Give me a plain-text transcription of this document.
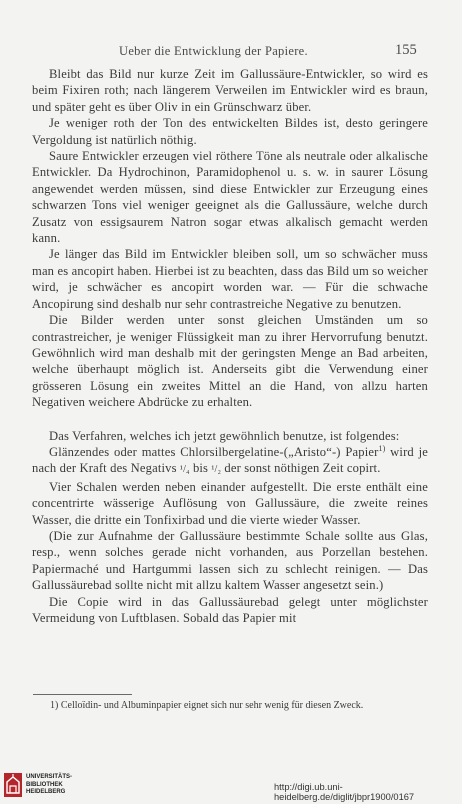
Ueber die Entwicklung der Papiere.	155

Bleibt das Bild nur kurze Zeit im Gallussäure-Entwickler, so wird es beim Fixiren roth; nach längerem Verweilen im Entwickler wird es braun, und später geht es über Oliv in ein Grünschwarz über.

Je weniger roth der Ton des entwickelten Bildes ist, desto geringere Vergoldung ist natürlich nöthig.

Saure Entwickler erzeugen viel röthere Töne als neutrale oder alkalische Entwickler. Da Hydrochinon, Paramidophenol u. s. w. in saurer Lösung angewendet werden müssen, sind diese Entwickler zur Erzeugung eines schwarzen Tons viel weniger geeignet als die Gallussäure, welche durch Zusatz von essigsaurem Natron sogar etwas alkalisch gemacht werden kann.

Je länger das Bild im Entwickler bleiben soll, um so schwächer muss man es ancopirt haben. Hierbei ist zu beachten, dass das Bild um so weicher wird, je schwächer es ancopirt worden war. — Für die schwache Ancopirung sind deshalb nur sehr contrastreiche Negative zu benutzen.

Die Bilder werden unter sonst gleichen Umständen um so contrastreicher, je weniger Flüssigkeit man zu ihrer Hervorrufung benutzt. Gewöhnlich wird man deshalb mit der geringsten Menge an Bad arbeiten, welche überhaupt möglich ist. Anderseits gibt die Verwendung einer grösseren Lösung ein zweites Mittel an die Hand, von allzu harten Negativen weichere Abdrücke zu erhalten.

Das Verfahren, welches ich jetzt gewöhnlich benutze, ist folgendes:

Glänzendes oder mattes Chlorsilbergelatine-(„Aristo“-) Papier$^{1)}$ wird je nach der Kraft des Negativs ¹/₄ bis ¹/₂ der sonst nöthigen Zeit copirt.

Vier Schalen werden neben einander aufgestellt. Die erste enthält eine concentrirte wässerige Auflösung von Gallussäure, die zweite reines Wasser, die dritte ein Tonfixirbad und die vierte wieder Wasser.

(Die zur Aufnahme der Gallussäure bestimmte Schale sollte aus Glas, resp., wenn solches gerade nicht vorhanden, aus Porzellan bestehen. Papiermaché und Hartgummi lassen sich zu schlecht reinigen. — Das Gallussäurebad sollte nicht mit allzu kaltem Wasser angesetzt sein.)

Die Copie wird in das Gallussäurebad gelegt unter möglichster Vermeidung von Luftblasen. Sobald das Papier mit

1) Celloïdin- und Albuminpapier eignet sich nur sehr wenig für diesen Zweck.
UNIVERSITÄTS-
BIBLIOTHEK
HEIDELBERG	http://digi.ub.uni-heidelberg.de/diglit/jbpr1900/0167
